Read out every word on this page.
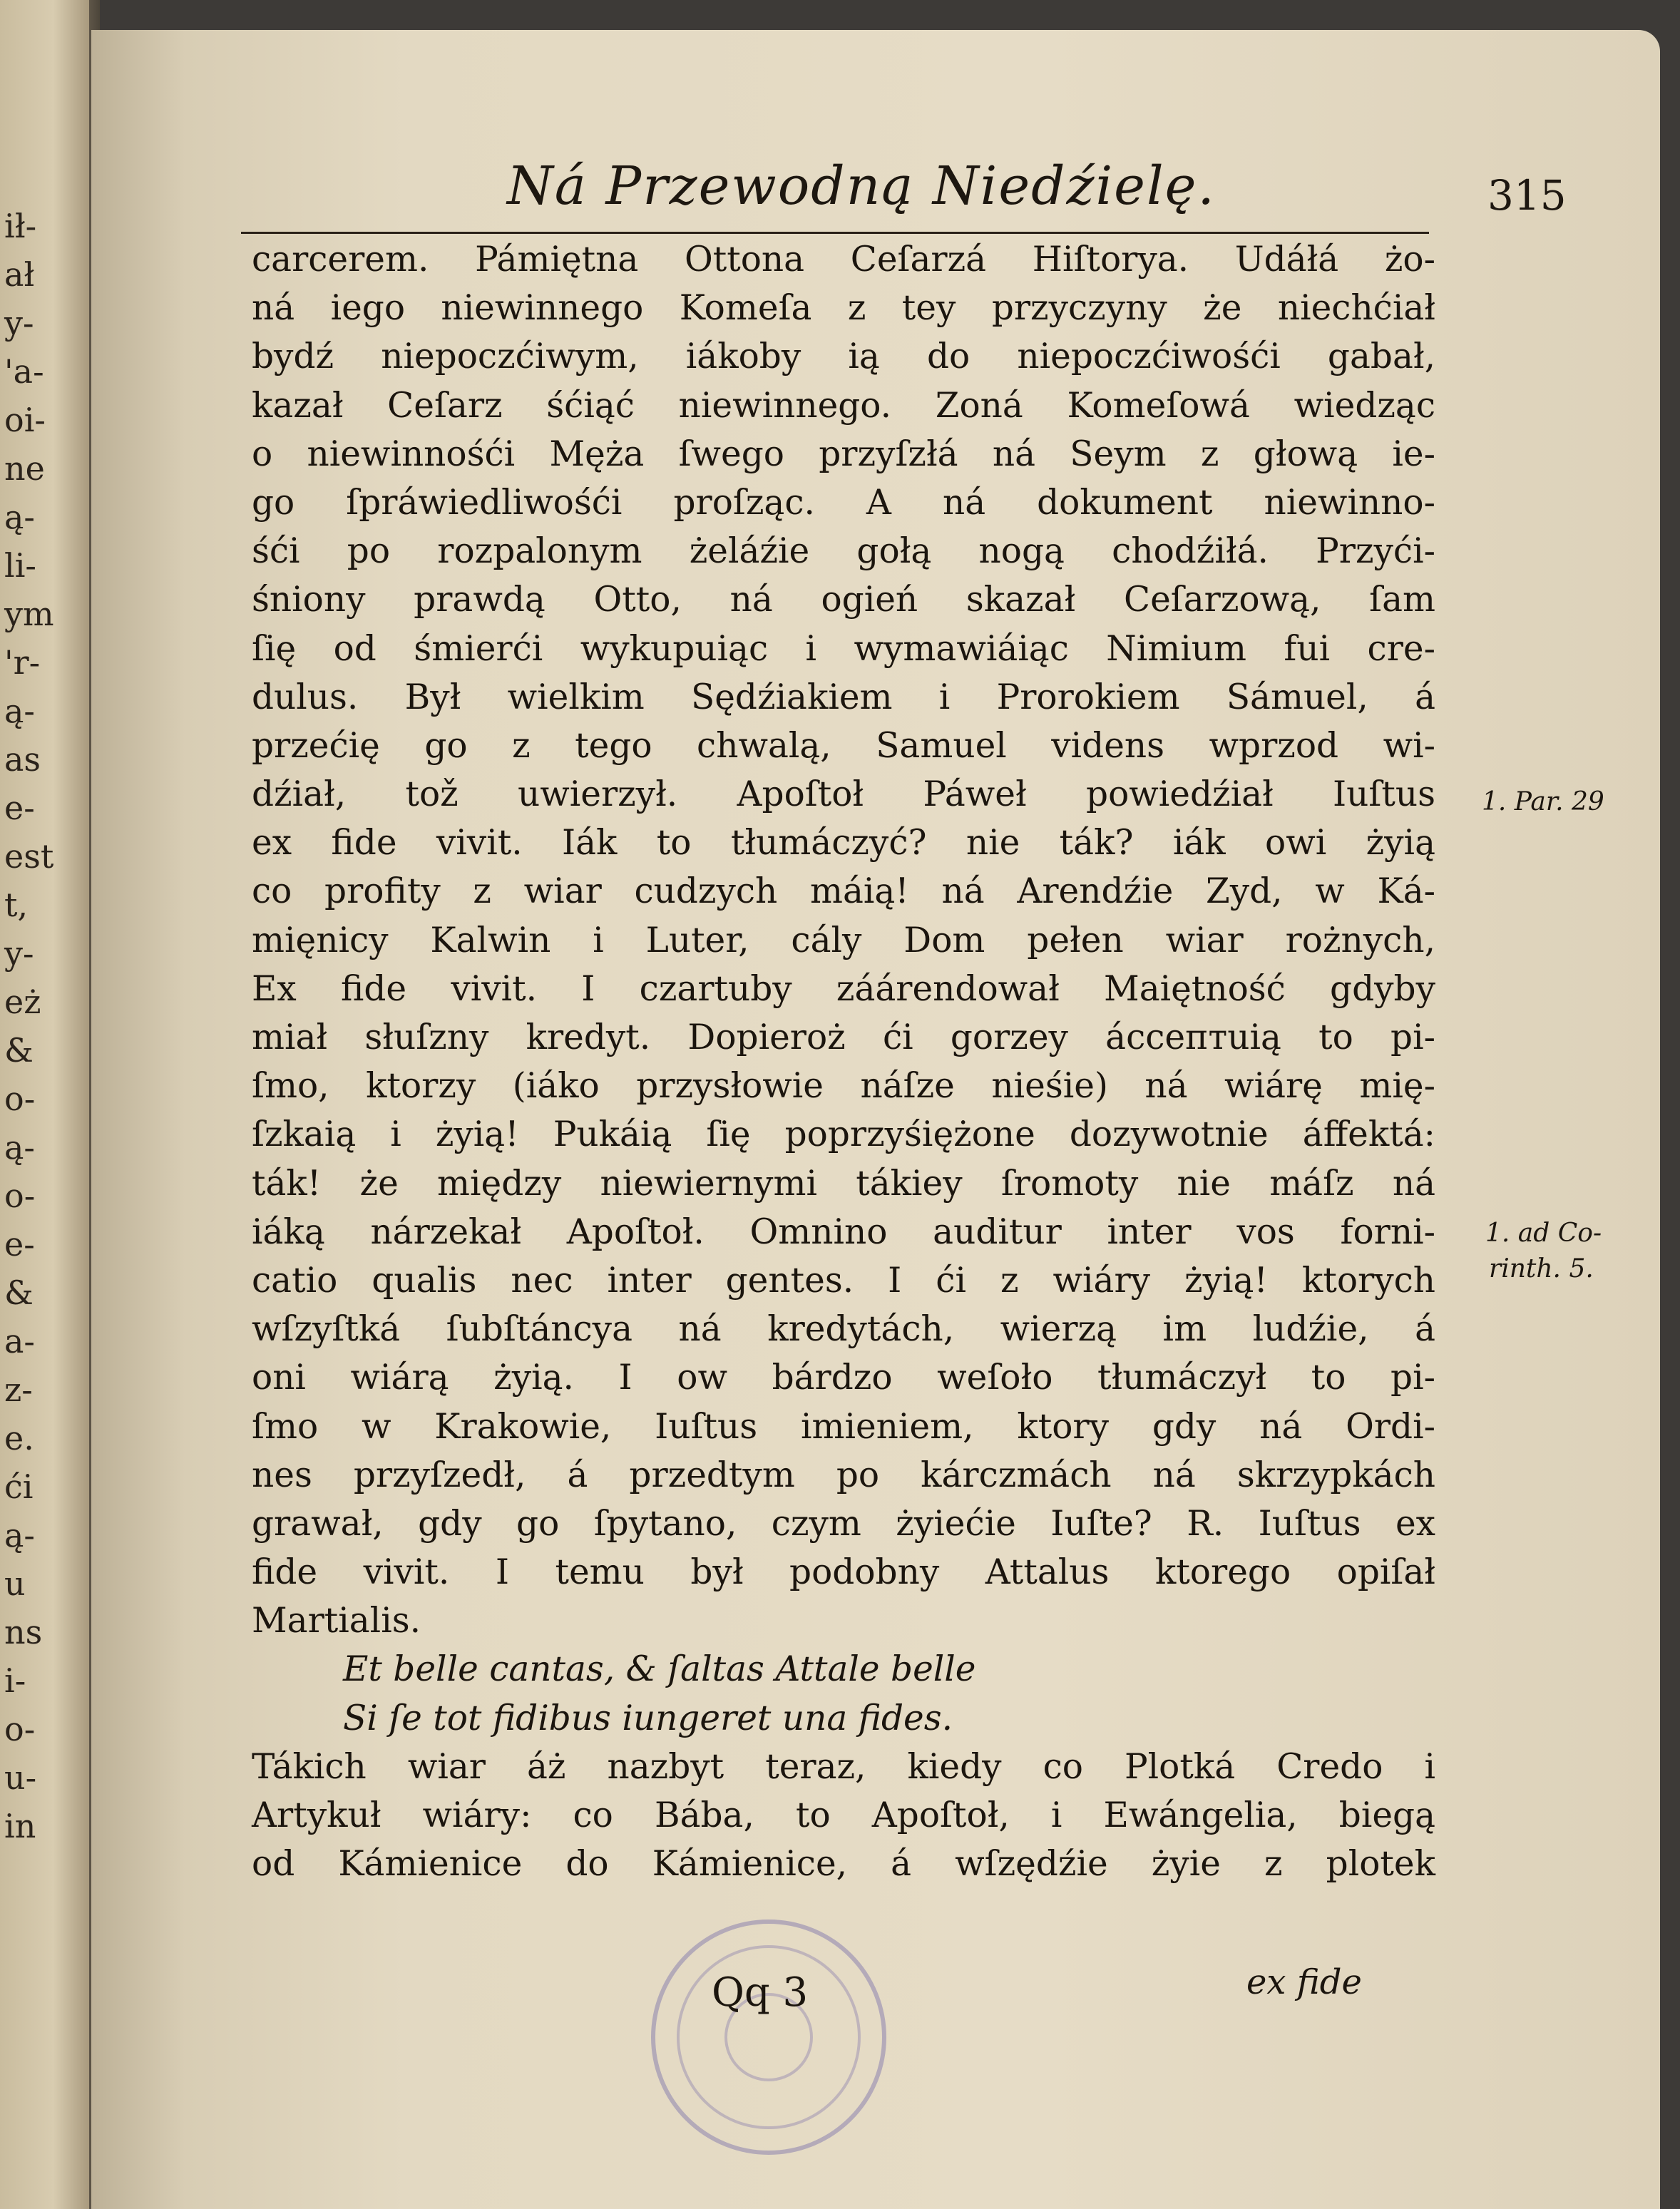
ił-
ał
y-
'a-
oi-
ne
ą-
li-
ym
'r-
ą-
as
e-
est
t,
y-
eż
&
o-
ą-
o-
e-
&
a-
z-
e.
ći
ą-
u
ns
i-
o-
u-
in
Ná Przewodną Niedźielę.	315
carcerem. Pámiętna Ottona Ceſarzá Hiſtorya. Udáłá żo-
ná iego niewinnego Komeſa z tey przyczyny że niechćiał
bydź niepoczćiwym, iákoby ią do niepoczćiwośći gabał,
kazał Ceſarz śćiąć niewinnego. Zoná Komeſowá wiedząc
o niewinnośći Męża ſwego przyſzłá ná Seym z głową ie-
go ſpráwiedliwośći proſząc. A ná dokument niewinno-
śći po rozpalonym żeláźie gołą nogą chodźiłá. Przyći-
śniony prawdą Otto, ná ogień skazał Ceſarzową, ſam
ſię od śmierći wykupuiąc i wymawiáiąc Nimium fui cre-
dulus. Był wielkim Sędźiakiem i Prorokiem Sámuel, á
przećię go z tego chwalą, Samuel videns wprzod wi-
dźiał, tož uwierzył. Apoſtoł Páweł powiedźiał Iuſtus
ex fide vivit. Iák to tłumáczyć? nie ták? iák owi żyią
co profity z wiar cudzych máią! ná Arendźie Zyd, w Ká-
mięnicy Kalwin i Luter, cály Dom pełen wiar rożnych,
Ex fide vivit. I czartuby záárendował Maiętność gdyby
miał słuſzny kredyt. Dopieroż ći gorzey áccептuią to pi-
ſmo, ktorzy (iáko przysłowie náſze nieśie) ná wiárę mię-
ſzkaią i żyią! Pukáią ſię poprzyśiężone dozywotnie áffektá:
ták! że między niewiernymi tákiey ſromoty nie máſz ná
iáką nárzekał Apoſtoł. Omnino auditur inter vos forni-
catio qualis nec inter gentes. I ći z wiáry żyią! ktorych
wſzyſtká ſubſtáncya ná kredytách, wierzą im ludźie, á
oni wiárą żyią. I ow bárdzo weſoło tłumáczył to pi-
ſmo w Krakowie, Iuſtus imieniem, ktory gdy ná Ordi-
nes przyſzedł, á przedtym po kárczmách ná skrzypkách
grawał, gdy go ſpytano, czym żyiećie Iuſte? R. Iuſtus ex
fide vivit. I temu był podobny Attalus ktorego opiſał
Martialis.
Et belle cantas, & ſaltas Attale belle
Si ſe tot fidibus iungeret una fides.
Tákich wiar áż nazbyt teraz, kiedy co Plotká Credo i
Artykuł wiáry: co Bába, to Apoſtoł, i Ewángelia, biegą
od Kámienice do Kámienice, á wſzędźie żyie z plotek
1. Par. 29
1. ad Co-
rinth. 5.
Qq 3	ex fide
